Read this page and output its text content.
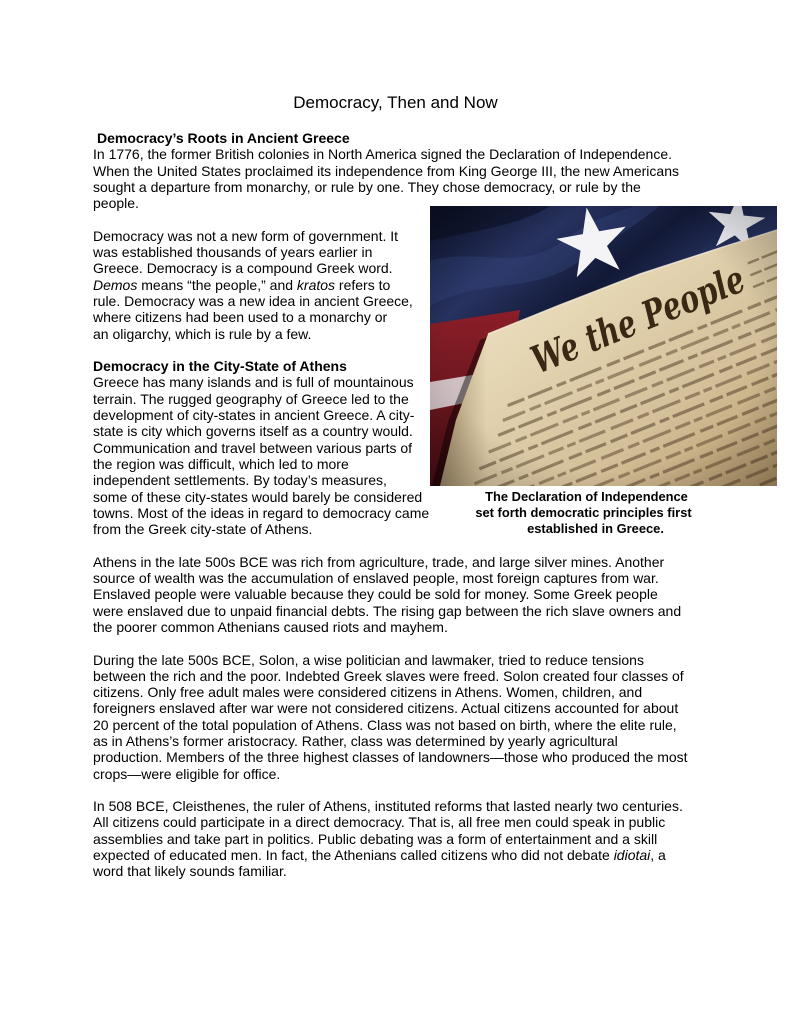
Democracy, Then and Now
Democracy’s Roots in Ancient Greece
In 1776, the former British colonies in North America signed the Declaration of Independence.
When the United States proclaimed its independence from King George III, the new Americans
sought a departure from monarchy, or rule by one. They chose democracy, or rule by the
people.
Democracy was not a new form of government. It
was established thousands of years earlier in
Greece. Democracy is a compound Greek word.
Demos means “the people,” and kratos refers to
rule. Democracy was a new idea in ancient Greece,
where citizens had been used to a monarchy or
an oligarchy, which is rule by a few.
Democracy in the City-State of Athens
Greece has many islands and is full of mountainous
terrain. The rugged geography of Greece led to the
development of city-states in ancient Greece. A city-
state is city which governs itself as a country would.
Communication and travel between various parts of
the region was difficult, which led to more
independent settlements. By today’s measures,
some of these city-states would barely be considered
towns. Most of the ideas in regard to democracy came
from the Greek city-state of Athens.
Athens in the late 500s BCE was rich from agriculture, trade, and large silver mines. Another
source of wealth was the accumulation of enslaved people, most foreign captures from war.
Enslaved people were valuable because they could be sold for money. Some Greek people
were enslaved due to unpaid financial debts. The rising gap between the rich slave owners and
the poorer common Athenians caused riots and mayhem.
During the late 500s BCE, Solon, a wise politician and lawmaker, tried to reduce tensions
between the rich and the poor. Indebted Greek slaves were freed. Solon created four classes of
citizens. Only free adult males were considered citizens in Athens. Women, children, and
foreigners enslaved after war were not considered citizens. Actual citizens accounted for about
20 percent of the total population of Athens. Class was not based on birth, where the elite rule,
as in Athens’s former aristocracy. Rather, class was determined by yearly agricultural
production. Members of the three highest classes of landowners—those who produced the most
crops—were eligible for office.
In 508 BCE, Cleisthenes, the ruler of Athens, instituted reforms that lasted nearly two centuries.
All citizens could participate in a direct democracy. That is, all free men could speak in public
assemblies and take part in politics. Public debating was a form of entertainment and a skill
expected of educated men. In fact, the Athenians called citizens who did not debate idiotai, a
word that likely sounds familiar.
The Declaration of Independence
set forth democratic principles first
established in Greece.
